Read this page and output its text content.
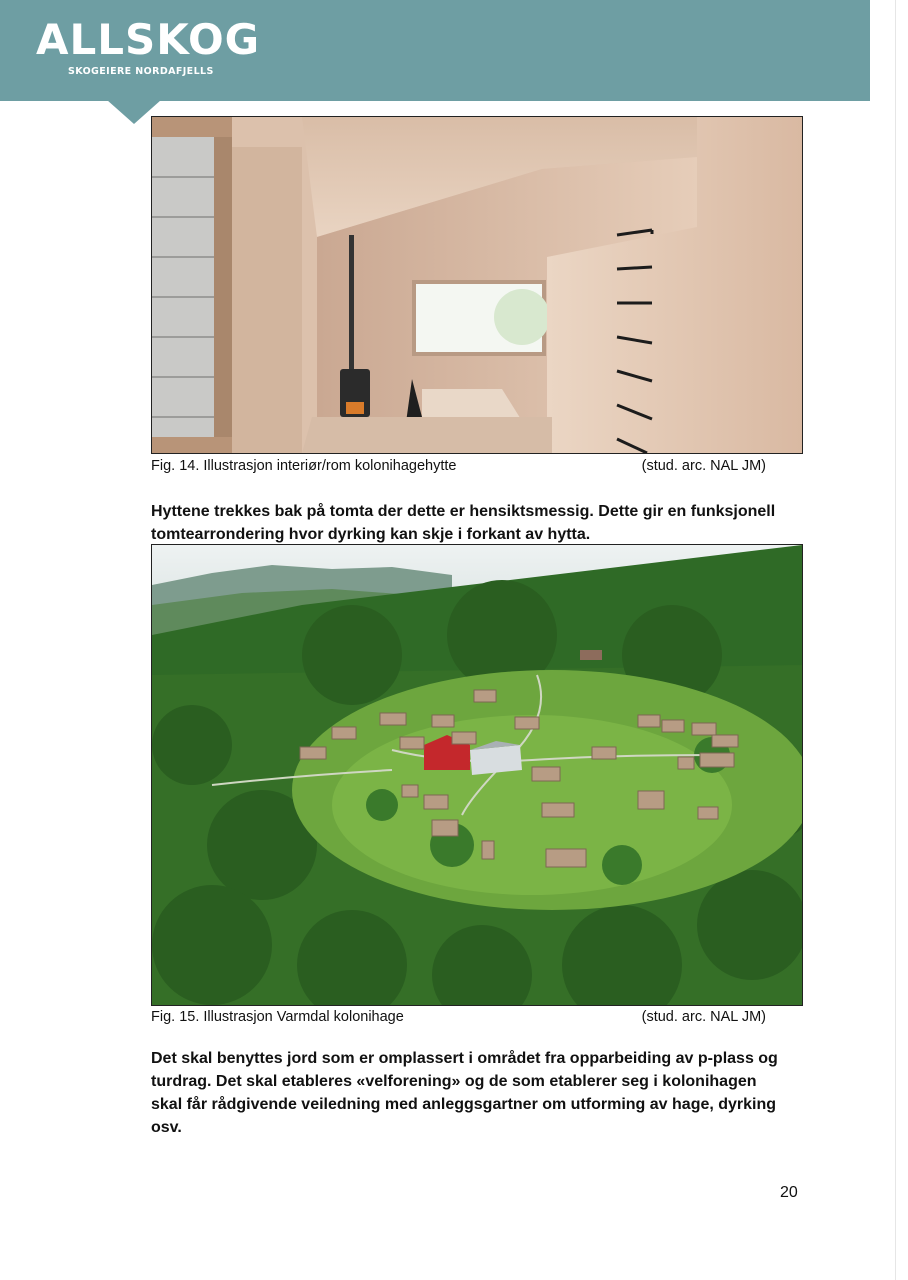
ALLSKOG
SKOGEIERE NORDAFJELLS
Fig. 14. Illustrasjon interiør/rom kolonihagehytte	(stud. arc. NAL JM)
Hyttene trekkes bak på tomta der dette er hensiktsmessig. Dette gir en funksjonell tomtearrondering hvor dyrking kan skje i forkant av hytta.
Fig. 15. Illustrasjon Varmdal kolonihage	(stud. arc. NAL JM)
Det skal benyttes jord som er omplassert i området fra opparbeiding av p-plass og turdrag. Det skal etableres «velforening» og de som etablerer seg i kolonihagen skal får rådgivende veiledning med anleggsgartner om utforming av hage, dyrking osv.
20
